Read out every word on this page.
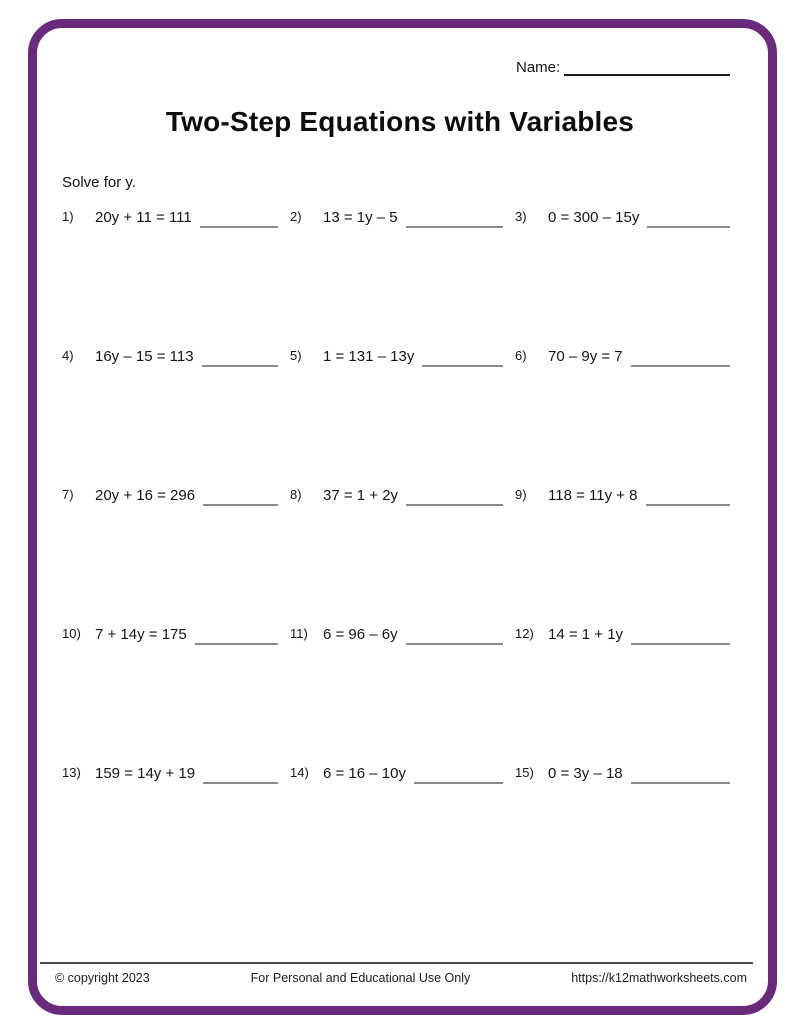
Name:
Two-Step Equations with Variables
Solve for y.
1)	20y + 11 = 111	2)	13 = 1y – 5	3)	0 = 300 – 15y
4)	16y – 15 = 113	5)	1 = 131 – 13y	6)	70 – 9y = 7
7)	20y + 16 = 296	8)	37 = 1 + 2y	9)	118 = 11y + 8
10) 7 + 14y = 175	11)	6 = 96 – 6y	12) 14 = 1 + 1y
13) 159 = 14y + 19	14) 6 = 16 – 10y	15) 0 = 3y – 18
© copyright 2023	For Personal and Educational Use Only	https://k12mathworksheets.com
